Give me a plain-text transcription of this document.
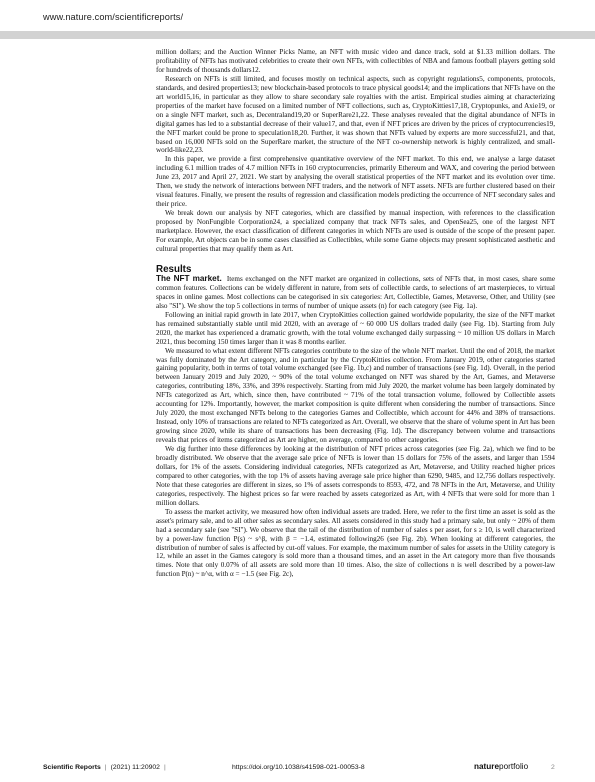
www.nature.com/scientificreports/

million dollars; and the Auction Winner Picks Name, an NFT with music video and dance track, sold at $1.33 million dollars. The profitability of NFTs has motivated celebrities to create their own NFTs, with collectibles of NBA and famous football players getting sold for hundreds of thousands dollars12.

Research on NFTs is still limited, and focuses mostly on technical aspects, such as copyright regulations5, components, protocols, standards, and desired properties13; new blockchain-based protocols to trace physical goods14; and the implications that NFTs have on the art world15,16, in particular as they allow to share secondary sale royalties with the artist. Empirical studies aiming at characterizing properties of the market have focused on a limited number of NFT collections, such as, CryptoKitties17,18, Cryptopunks, and Axie19, or on a single NFT market, such as, Decentraland19,20 or SuperRare21,22. These analyses revealed that the digital abundance of NFTs in digital games has led to a substantial decrease of their value17, and that, even if NFT prices are driven by the prices of cryptocurrencies19, the NFT market could be prone to speculation18,20. Further, it was shown that NFTs valued by experts are more successful21, and that, based on 16,000 NFTs sold on the SuperRare market, the structure of the NFT co-ownership network is highly centralized, and small-world-like22,23.

In this paper, we provide a first comprehensive quantitative overview of the NFT market. To this end, we analyse a large dataset including 6.1 million trades of 4.7 million NFTs in 160 cryptocurrencies, primarily Ethereum and WAX, and covering the period between June 23, 2017 and April 27, 2021. We start by analysing the overall statistical properties of the NFT market and its evolution over time. Then, we study the network of interactions between NFT traders, and the network of NFT assets. NFTs are further clustered based on their visual features. Finally, we present the results of regression and classification models predicting the occurrence of NFT secondary sales and their price.

We break down our analysis by NFT categories, which are classified by manual inspection, with references to the classification proposed by NonFungible Corporation24, a specialized company that track NFTs sales, and OpenSea25, one of the largest NFT marketplace. However, the exact classification of different categories in which NFTs are used is outside of the scope of the present paper. For example, Art objects can be in some cases classified as Collectibles, while some Game objects may present sophisticated aesthetic and cultural properties that may qualify them as Art.

Results

The NFT market. Items exchanged on the NFT market are organized in collections, sets of NFTs that, in most cases, share some common features. Collections can be widely different in nature, from sets of collectible cards, to selections of art masterpieces, to virtual spaces in online games. Most collections can be categorised in six categories: Art, Collectible, Games, Metaverse, Other, and Utility (see also "SI"). We show the top 5 collections in terms of number of unique assets (n) for each category (see Fig. 1a).

Following an initial rapid growth in late 2017, when CryptoKitties collection gained worldwide popularity, the size of the NFT market has remained substantially stable until mid 2020, with an average of ~ 60 000 US dollars traded daily (see Fig. 1b). Starting from July 2020, the market has experienced a dramatic growth, with the total volume exchanged daily surpassing ~ 10 million US dollars in March 2021, thus becoming 150 times larger than it was 8 months earlier.

We measured to what extent different NFTs categories contribute to the size of the whole NFT market. Until the end of 2018, the market was fully dominated by the Art category, and in particular by the CryptoKitties collection. From January 2019, other categories started gaining popularity, both in terms of total volume exchanged (see Fig. 1b,c) and number of transactions (see Fig. 1d). Overall, in the period between January 2019 and July 2020, ~ 90% of the total volume exchanged on NFT was shared by the Art, Games, and Metaverse categories, contributing 18%, 33%, and 39% respectively. Starting from mid July 2020, the market volume has been largely dominated by NFTs categorized as Art, which, since then, have contributed ~ 71% of the total transaction volume, followed by Collectible assets accounting for 12%. Importantly, however, the market composition is quite different when considering the number of transactions. Since July 2020, the most exchanged NFTs belong to the categories Games and Collectible, which account for 44% and 38% of transactions. Instead, only 10% of transactions are related to NFTs categorized as Art. Overall, we observe that the share of volume spent in Art has been growing since 2020, while its share of transactions has been decreasing (Fig. 1d). The discrepancy between volume and transactions reveals that prices of items categorized as Art are higher, on average, compared to other categories.

We dig further into these differences by looking at the distribution of NFT prices across categories (see Fig. 2a), which we find to be broadly distributed. We observe that the average sale price of NFTs is lower than 15 dollars for 75% of the assets, and larger than 1594 dollars, for 1% of the assets. Considering individual categories, NFTs categorized as Art, Metaverse, and Utility reached higher prices compared to other categories, with the top 1% of assets having average sale price higher than 6290, 9485, and 12,756 dollars respectively. Note that these categories are different in sizes, so 1% of assets corresponds to 8593, 472, and 78 NFTs in the Art, Metaverse, and Utility categories, respectively. The highest prices so far were reached by assets categorized as Art, with 4 NFTs that were sold for more than 1 million dollars.

To assess the market activity, we measured how often individual assets are traded. Here, we refer to the first time an asset is sold as the asset's primary sale, and to all other sales as secondary sales. All assets considered in this study had a primary sale, but only ~ 20% of them had a secondary sale (see "SI"). We observe that the tail of the distribution of number of sales s per asset, for s ≥ 10, is well characterized by a power-law function P(s) ~ s^β, with β = −1.4, estimated following26 (see Fig. 2b). When looking at different categories, the distribution of number of sales is affected by cut-off values. For example, the maximum number of sales for assets in the Utility category is 12, while an asset in the Games category is sold more than a thousand times, and an asset in the Art category more than five thousands times. Note that only 0.07% of all assets are sold more than 10 times. Also, the size of collections n is well described by a power-law function P(n) ~ n^α, with α = −1.5 (see Fig. 2c),

Scientific Reports | (2021) 11:20902 |	https://doi.org/10.1038/s41598-021-00053-8	natureportfolio	2
